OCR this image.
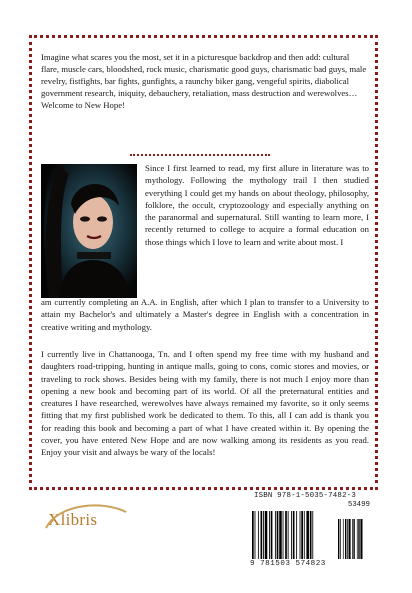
Imagine what scares you the most, set it in a picturesque backdrop and then add: cultural flare, muscle cars, bloodshed, rock music, charismatic good guys, charismatic bad guys, male revelry, fistfights, bar fights, gunfights, a raunchy biker gang, vengeful spirits, diabolical government research, iniquity, debauchery, retaliation, mass destruction and werewolves… Welcome to New Hope!

Since I first learned to read, my first allure in literature was to mythology. Following the mythology trail I then studied everything I could get my hands on about theology, philosophy, folklore, the occult, cryptozoology and especially anything on the paranormal and supernatural. Still wanting to learn more, I recently returned to college to acquire a formal education on those things which I love to learn and write about most. I

am currently completing an A.A. in English, after which I plan to transfer to a University to attain my Bachelor's and ultimately a Master's degree in English with a concentration in creative writing and mythology.

I currently live in Chattanooga, Tn. and I often spend my free time with my husband and daughters road-tripping, hunting in antique malls, going to cons, comic stores and movies, or traveling to rock shows. Besides being with my family, there is not much I enjoy more than opening a new book and becoming part of its world. Of all the preternatural entities and creatures I have researched, werewolves have always remained my favorite, so it only seems fitting that my first published work be dedicated to them. To this, all I can add is thank you for reading this book and becoming a part of what I have created within it. By opening the cover, you have entered New Hope and are now walking among its residents as you read. Enjoy your visit and always be wary of the locals!

Xlibris
ISBN 978-1-5035-7482-3
53499
9 781503 574823
